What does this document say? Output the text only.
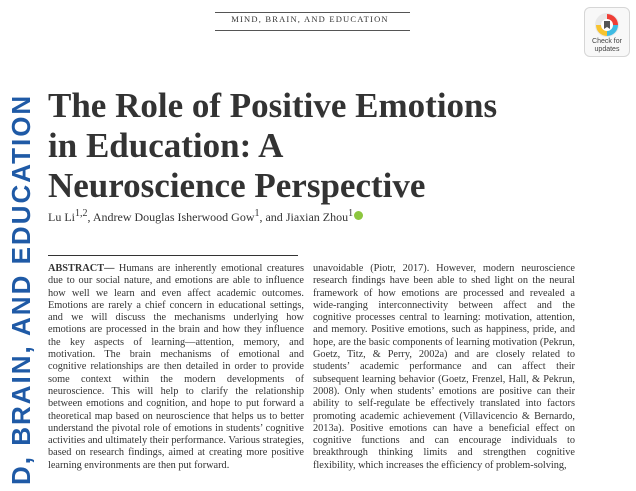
MIND, BRAIN, AND EDUCATION
Check for
updates
D, BRAIN, AND EDUCATION The Role of Positive Emotions
in Education: A
Neuroscience Perspective
Lu Li$^{1,2}$, Andrew Douglas Isherwood Gow$^1$, and Jiaxian Zhou$^1$

ABSTRACT— Humans are inherently emotional creatures due to our social nature, and emotions are able to influence how well we learn and even affect academic outcomes. Emotions are rarely a chief concern in educational settings, and we will discuss the mechanisms underlying how emotions are processed in the brain and how they influence the key aspects of learning—attention, memory, and motivation. The brain mechanisms of emotional and cognitive relationships are then detailed in order to provide some context within the modern developments of neuroscience. This will help to clarify the relationship between emotions and cognition, and hope to put forward a theoretical map based on neuroscience that helps us to better understand the pivotal role of emotions in students’ cognitive activities and ultimately their performance. Various strategies, based on research findings, aimed at creating more positive learning environments are then put forward.

unavoidable (Piotr, 2017). However, modern neuroscience research findings have been able to shed light on the neural framework of how emotions are processed and revealed a wide-ranging interconnectivity between affect and the cognitive processes central to learning: motivation, attention, and memory. Positive emotions, such as happiness, pride, and hope, are the basic components of learning motivation (Pekrun, Goetz, Titz, & Perry, 2002a) and are closely related to students’ academic performance and can affect their subsequent learning behavior (Goetz, Frenzel, Hall, & Pekrun, 2008). Only when students’ emotions are positive can their ability to self-regulate be effectively translated into factors promoting academic achievement (Villavicencio & Bernardo, 2013a). Positive emotions can have a beneficial effect on cognitive functions and can encourage individuals to breakthrough thinking limits and strengthen cognitive flexibility, which increases the efficiency of problem-solving,
